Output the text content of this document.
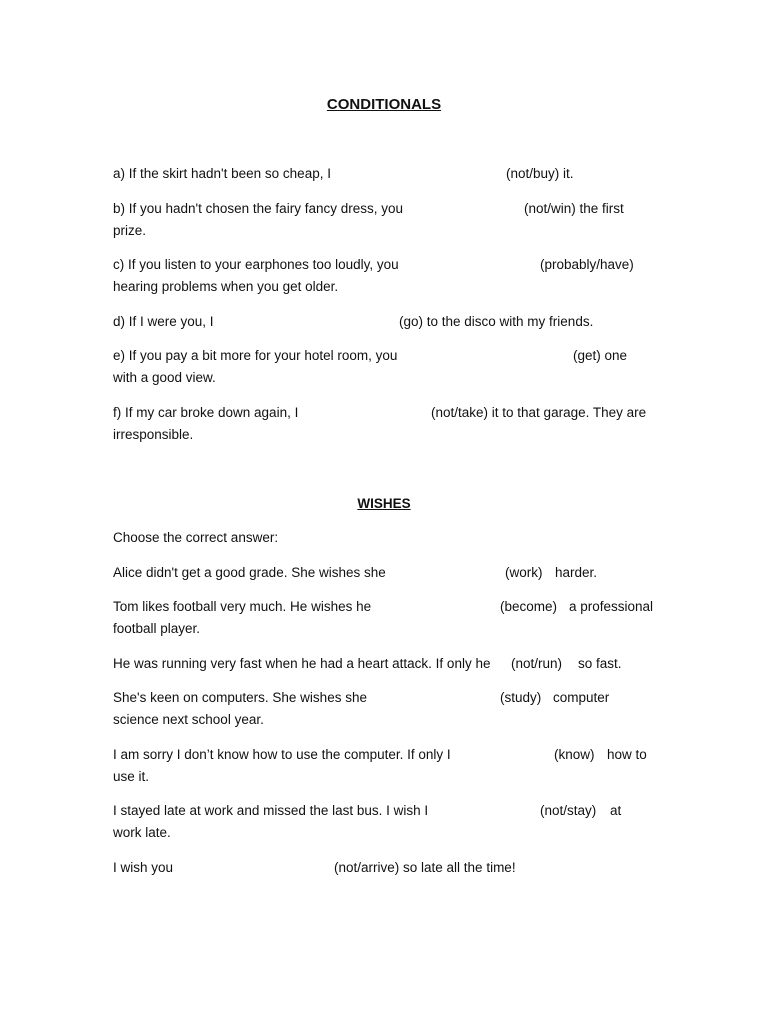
CONDITIONALS
a) If the skirt hadn't been so cheap, I	(not/buy) it.
b) If you hadn't chosen the fairy fancy dress, you	(not/win) the first
prize.
c) If you listen to your earphones too loudly, you	(probably/have)
hearing problems when you get older.
d) If I were you, I	(go) to the disco with my friends.
e) If you pay a bit more for your hotel room, you	(get) one
with a good view.
f) If my car broke down again, I	(not/take) it to that garage. They are
irresponsible.
WISHES
Choose the correct answer:
Alice didn't get a good grade. She wishes she	(work) harder.
Tom likes football very much. He wishes he	(become) a professional
football player.
He was running very fast when he had a heart attack. If only he (not/run) so fast.
She's keen on computers. She wishes she	(study) computer
science next school year.
I am sorry I don’t know how to use the computer. If only I	(know) how to
use it.
I stayed late at work and missed the last bus. I wish I	(not/stay) at
work late.
I wish you	(not/arrive) so late all the time!
